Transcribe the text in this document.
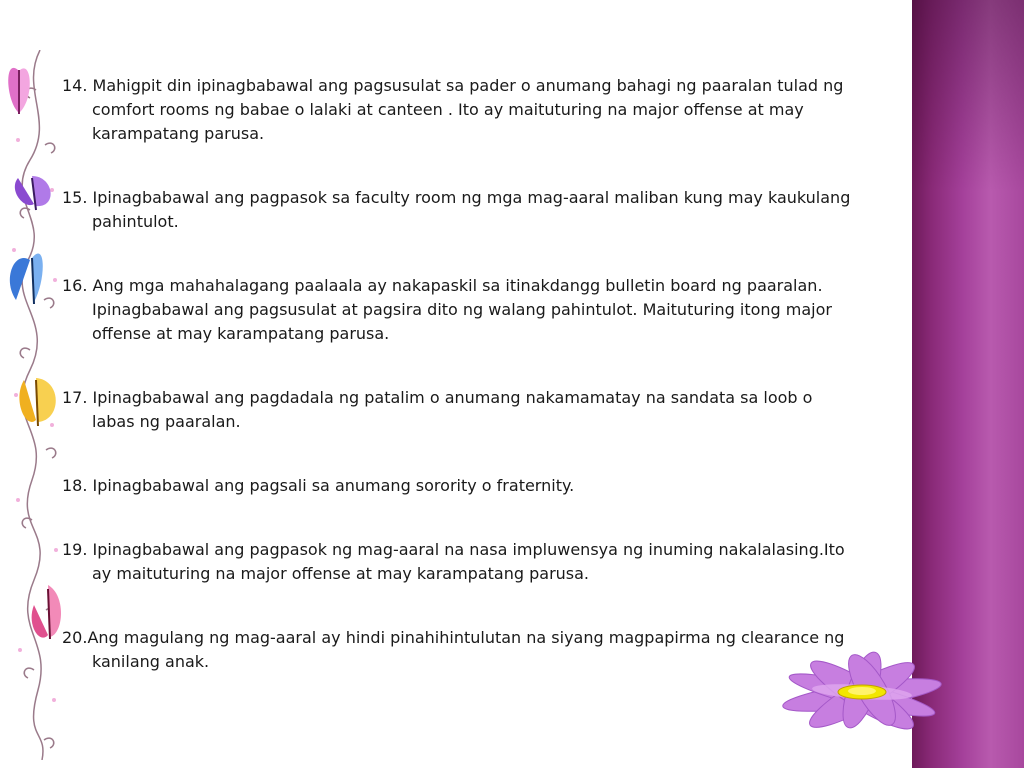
14. Mahigpit din ipinagbabawal ang pagsusulat sa pader o anumang bahagi ng paaralan tulad ng comfort rooms ng babae o lalaki at canteen . Ito ay maituturing na major offense at may karampatang parusa.

15. Ipinagbabawal ang pagpasok sa faculty room ng mga mag-aaral maliban kung may kaukulang pahintulot.

16. Ang mga mahahalagang paalaala ay nakapaskil sa itinakdangg bulletin board ng paaralan. Ipinagbabawal ang pagsusulat at pagsira dito ng walang pahintulot. Maituturing itong major offense at may karampatang parusa.

17. Ipinagbabawal ang pagdadala ng patalim o anumang nakamamatay na sandata sa loob o labas ng paaralan.

18. Ipinagbabawal ang pagsali sa anumang sorority o fraternity.

19. Ipinagbabawal ang pagpasok ng mag-aaral na nasa impluwensya ng inuming nakalalasing.Ito ay maituturing na major offense at may karampatang parusa.

20.Ang magulang ng mag-aaral ay hindi pinahihintulutan na siyang magpapirma ng clearance ng kanilang anak.
